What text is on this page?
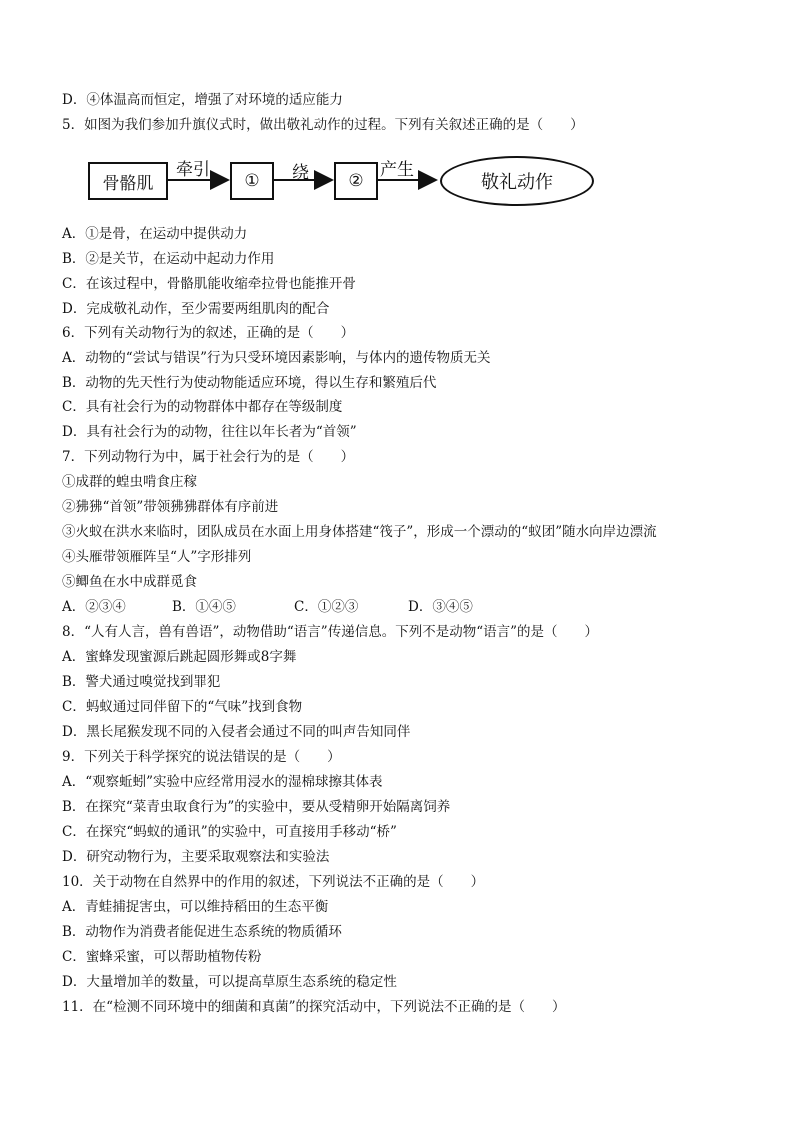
D．④体温高而恒定，增强了对环境的适应能力
5．如图为我们参加升旗仪式时，做出敬礼动作的过程。下列有关叙述正确的是（　　）
骨骼肌
牵引
①	绕	②
产生
敬礼动作
A．①是骨，在运动中提供动力
B．②是关节，在运动中起动力作用
C．在该过程中，骨骼肌能收缩牵拉骨也能推开骨
D．完成敬礼动作，至少需要两组肌肉的配合
6．下列有关动物行为的叙述，正确的是（　　）
A．动物的“尝试与错误”行为只受环境因素影响，与体内的遗传物质无关
B．动物的先天性行为使动物能适应环境，得以生存和繁殖后代
C．具有社会行为的动物群体中都存在等级制度
D．具有社会行为的动物，往往以年长者为“首领”
7．下列动物行为中，属于社会行为的是（　　）
①成群的蝗虫啃食庄稼
②狒狒“首领”带领狒狒群体有序前进
③火蚁在洪水来临时，团队成员在水面上用身体搭建“筏子”，形成一个漂动的“蚁团”随水向岸边漂流
④头雁带领雁阵呈“人”字形排列
⑤鲫鱼在水中成群觅食
A．②③④	B．①④⑤	C．①②③	D．③④⑤
8．“人有人言，兽有兽语”，动物借助“语言”传递信息。下列不是动物“语言”的是（　　）
A．蜜蜂发现蜜源后跳起圆形舞或8字舞
B．警犬通过嗅觉找到罪犯
C．蚂蚁通过同伴留下的“气味”找到食物
D．黑长尾猴发现不同的入侵者会通过不同的叫声告知同伴
9．下列关于科学探究的说法错误的是（　　）
A．“观察蚯蚓”实验中应经常用浸水的湿棉球擦其体表
B．在探究“菜青虫取食行为”的实验中，要从受精卵开始隔离饲养
C．在探究“蚂蚁的通讯”的实验中，可直接用手移动“桥”
D．研究动物行为，主要采取观察法和实验法
10．关于动物在自然界中的作用的叙述，下列说法不正确的是（　　）
A．青蛙捕捉害虫，可以维持稻田的生态平衡
B．动物作为消费者能促进生态系统的物质循环
C．蜜蜂采蜜，可以帮助植物传粉
D．大量增加羊的数量，可以提高草原生态系统的稳定性
11．在“检测不同环境中的细菌和真菌”的探究活动中，下列说法不正确的是（　　）
